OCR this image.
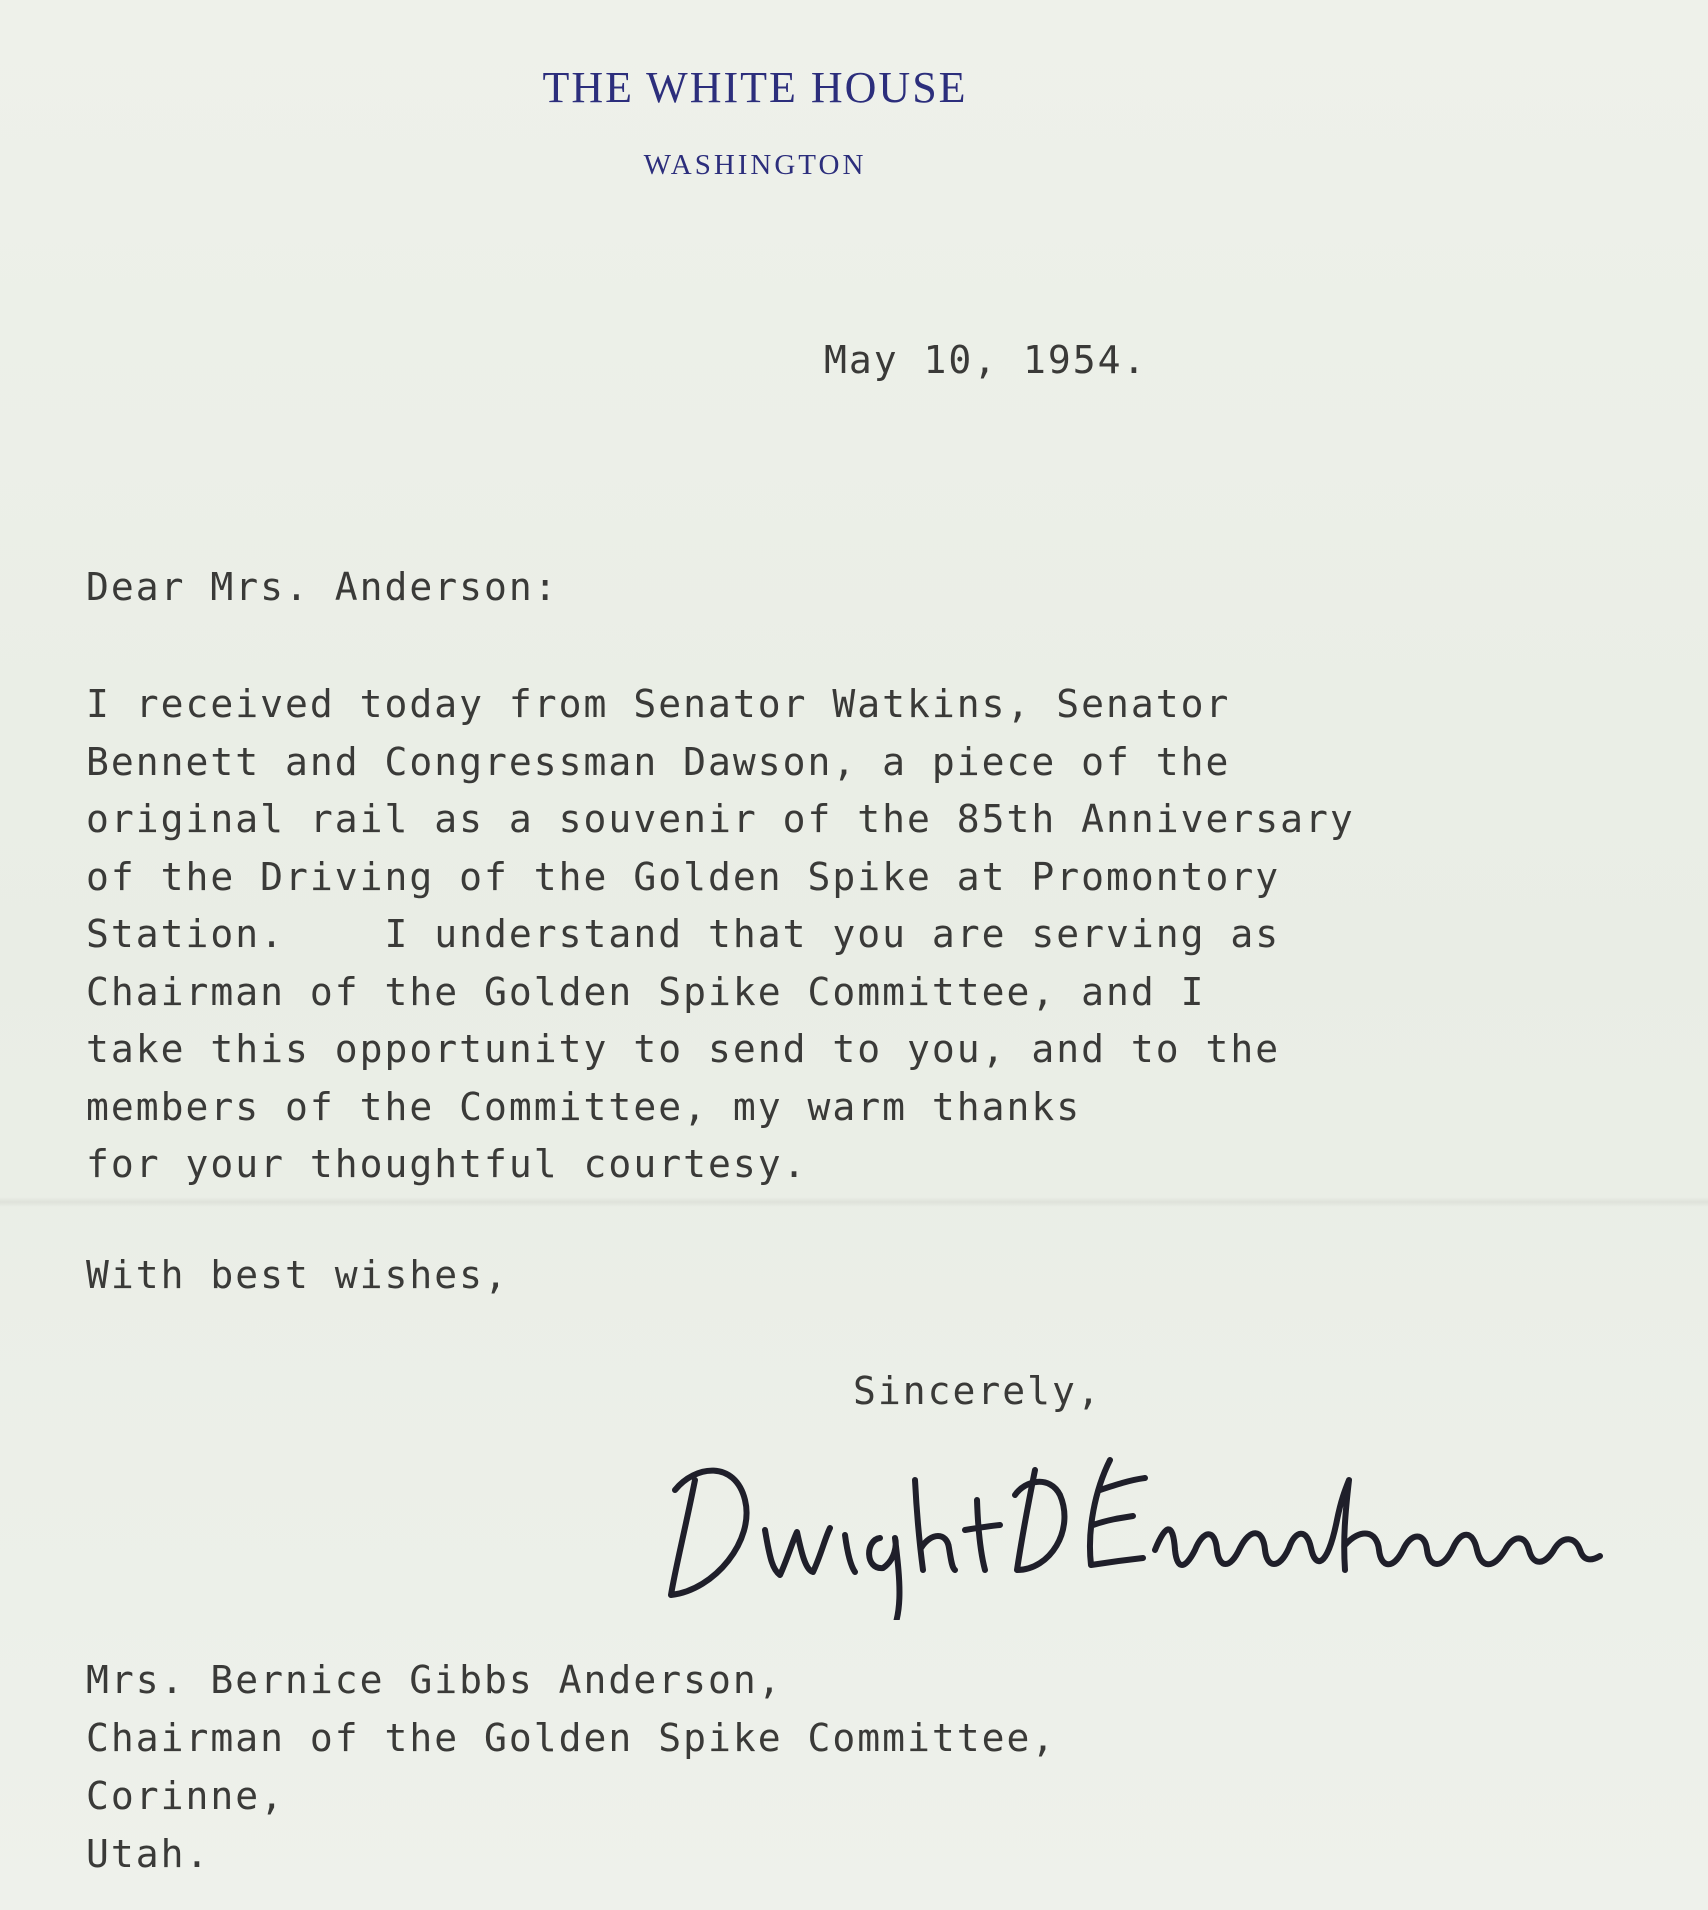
THE WHITE HOUSE
WASHINGTON
May 10, 1954.
Dear Mrs. Anderson:
I received today from Senator Watkins, Senator
Bennett and Congressman Dawson, a piece of the
original rail as a souvenir of the 85th Anniversary
of the Driving of the Golden Spike at Promontory
Station.    I understand that you are serving as
Chairman of the Golden Spike Committee, and I
take this opportunity to send to you, and to the
members of the Committee, my warm thanks
for your thoughtful courtesy.
With best wishes,
Sincerely,
Mrs. Bernice Gibbs Anderson,
Chairman of the Golden Spike Committee,
Corinne,
Utah.
